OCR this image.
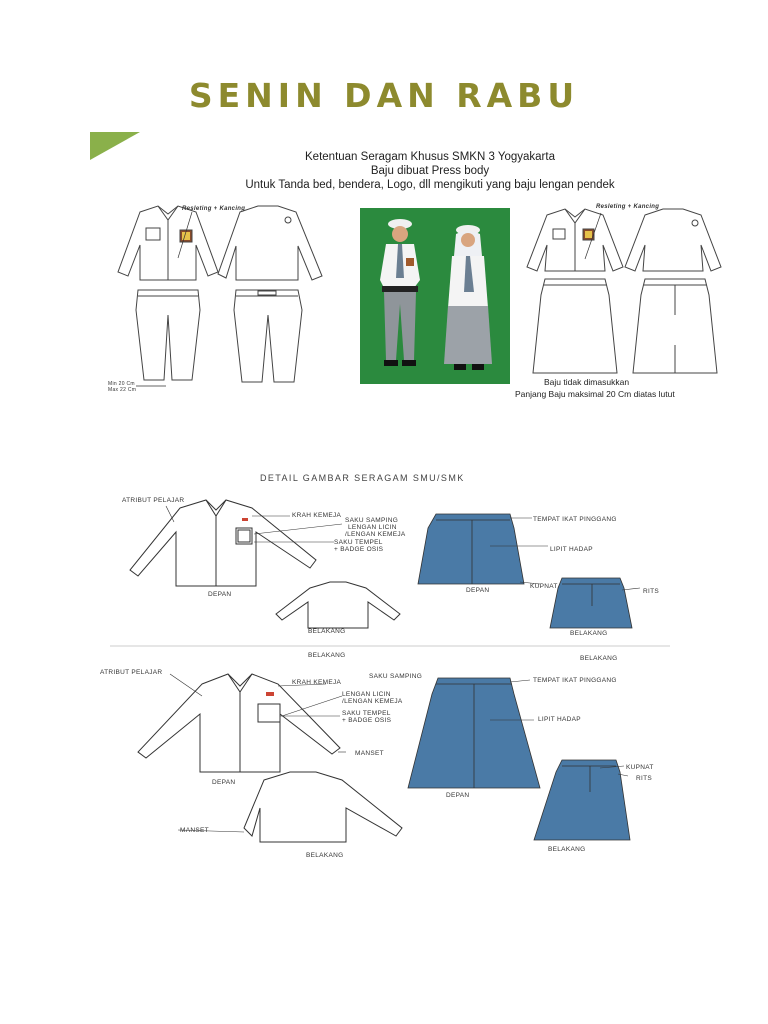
SENIN DAN RABU
Ketentuan Seragam Khusus SMKN 3 Yogyakarta
Baju dibuat Press body
Untuk Tanda bed, bendera, Logo, dll mengikuti yang baju lengan pendek
Resleting + Kancing
Min 20 Cm
Max 22 Cm
Resleting + Kancing
Baju tidak dimasukkan
Panjang Baju maksimal 20 Cm diatas lutut
DETAIL GAMBAR SERAGAM SMU/SMK
ATRIBUT PELAJAR
KRAH KEMEJA
SAKU SAMPING
LENGAN LICIN
/LENGAN KEMEJA
SAKU TEMPEL
+ BADGE OSIS
TEMPAT IKAT PINGGANG
LIPIT HADAP
KUPNAT
RITS
DEPAN
DEPAN
BELAKANG	BELAKANG
BELAKANG	BELAKANG
ATRIBUT PELAJAR
KRAH KEMEJA
SAKU SAMPING
LENGAN LICIN
/LENGAN KEMEJA
SAKU TEMPEL
+ BADGE OSIS
MANSET
MANSET
TEMPAT IKAT PINGGANG
LIPIT HADAP
KUPNAT
RITS
DEPAN
DEPAN
BELAKANG
BELAKANG
